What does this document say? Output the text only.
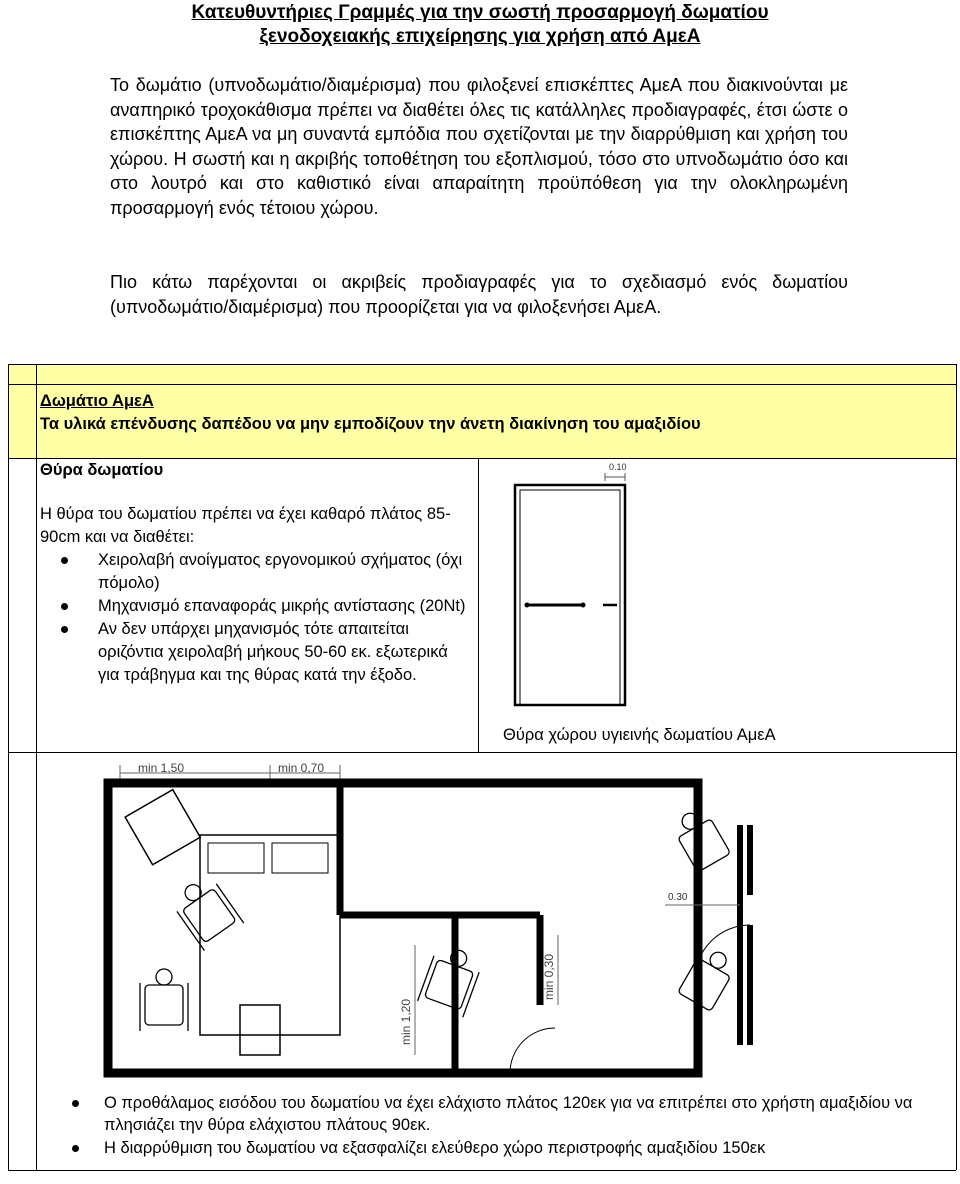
Κατευθυντήριες Γραμμές για την σωστή προσαρμογή δωματίου
ξενοδοχειακής επιχείρησης για χρήση από ΑμεΑ

Το δωμάτιο (υπνοδωμάτιο/διαμέρισμα) που φιλοξενεί επισκέπτες ΑμεΑ που διακινούνται με αναπηρικό τροχοκάθισμα πρέπει να διαθέτει όλες τις κατάλληλες προδιαγραφές, έτσι ώστε ο επισκέπτης ΑμεΑ να μη συναντά εμπόδια που σχετίζονται με την διαρρύθμιση και χρήση του χώρου. Η σωστή και η ακριβής τοποθέτηση του εξοπλισμού, τόσο στο υπνοδωμάτιο όσο και στο λουτρό και στο καθιστικό είναι απαραίτητη προϋπόθεση για την ολοκληρωμένη προσαρμογή ενός τέτοιου χώρου.

Πιο κάτω παρέχονται οι ακριβείς προδιαγραφές για το σχεδιασμό ενός δωματίου (υπνοδωμάτιο/διαμέρισμα) που προορίζεται για να φιλοξενήσει ΑμεΑ.

Δωμάτιο ΑμεΑ
Τα υλικά επένδυσης δαπέδου να μην εμποδίζουν την άνετη διακίνηση του αμαξιδίου
Θύρα δωματίου
Η θύρα του δωματίου πρέπει να έχει καθαρό πλάτος 85-90cm και να διαθέτει:
Χειρολαβή ανοίγματος εργονομικού σχήματος (όχι πόμολο)
Μηχανισμό επαναφοράς μικρής αντίστασης (20Nt)
Αν δεν υπάρχει μηχανισμός τότε απαιτείται οριζόντια χειρολαβή μήκους 50-60 εκ. εξωτερικά για τράβηγμα και της θύρας κατά την έξοδο.
0.10
Θύρα χώρου υγιεινής δωματίου ΑμεΑ
min 1,50	min 0,70
min 1,20
min 0,30
0.30
Ο προθάλαμος εισόδου του δωματίου να έχει ελάχιστο πλάτος 120εκ για να επιτρέπει στο χρήστη αμαξιδίου να πλησιάζει την θύρα ελάχιστου πλάτους 90εκ.
Η διαρρύθμιση του δωματίου να εξασφαλίζει ελεύθερο χώρο περιστροφής αμαξιδίου 150εκ
